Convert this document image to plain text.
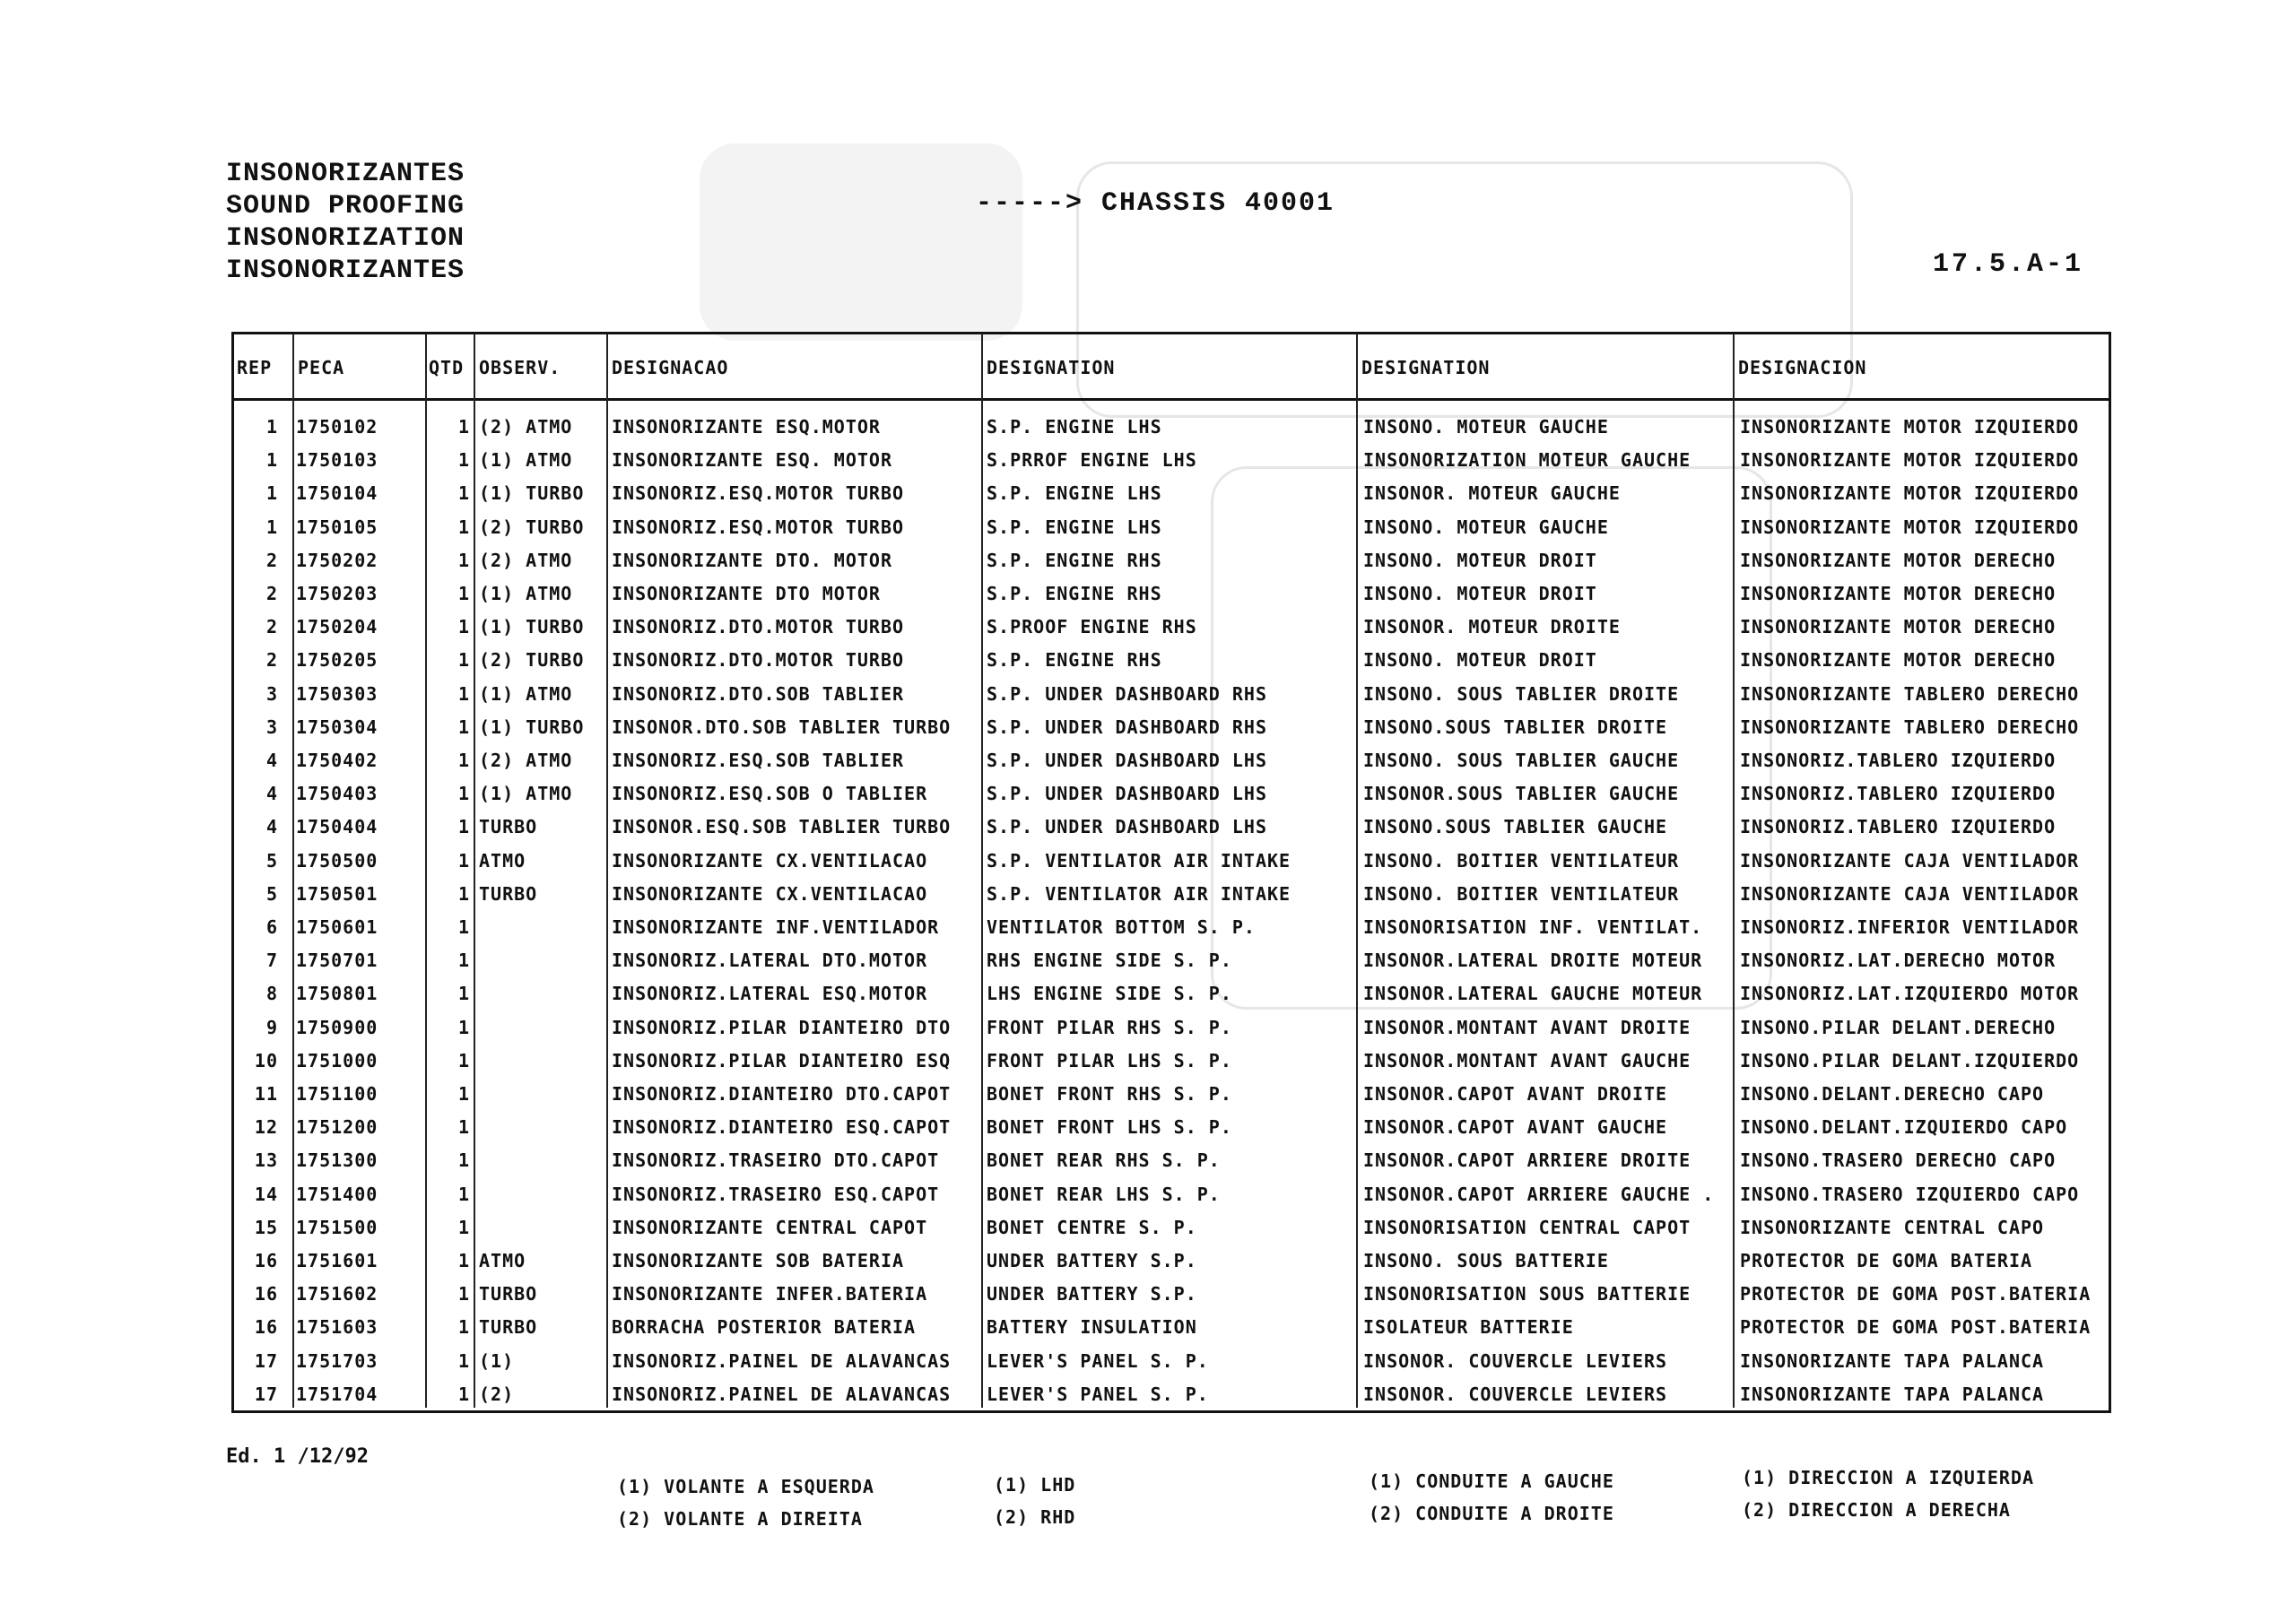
INSONORIZANTES
SOUND PROOFING
INSONORIZATION
INSONORIZANTES
-----> CHASSIS 40001
17.5.A-1
REP PECA	QTD OBSERV.	DESIGNACAO	DESIGNATION	DESIGNATION	DESIGNACION
1 1750102	1 (2) ATMO	INSONORIZANTE ESQ.MOTOR	S.P. ENGINE LHS	INSONO. MOTEUR GAUCHE	INSONORIZANTE MOTOR IZQUIERDO
1 1750103	1 (1) ATMO	INSONORIZANTE ESQ. MOTOR	S.PRROF ENGINE LHS	INSONORIZATION MOTEUR GAUCHE	INSONORIZANTE MOTOR IZQUIERDO
1 1750104	1 (1) TURBO	INSONORIZ.ESQ.MOTOR TURBO	S.P. ENGINE LHS	INSONOR. MOTEUR GAUCHE	INSONORIZANTE MOTOR IZQUIERDO
1 1750105	1 (2) TURBO	INSONORIZ.ESQ.MOTOR TURBO	S.P. ENGINE LHS	INSONO. MOTEUR GAUCHE	INSONORIZANTE MOTOR IZQUIERDO
2 1750202	1 (2) ATMO	INSONORIZANTE DTO. MOTOR	S.P. ENGINE RHS	INSONO. MOTEUR DROIT	INSONORIZANTE MOTOR DERECHO
2 1750203	1 (1) ATMO	INSONORIZANTE DTO MOTOR	S.P. ENGINE RHS	INSONO. MOTEUR DROIT	INSONORIZANTE MOTOR DERECHO
2 1750204	1 (1) TURBO	INSONORIZ.DTO.MOTOR TURBO	S.PROOF ENGINE RHS	INSONOR. MOTEUR DROITE	INSONORIZANTE MOTOR DERECHO
2 1750205	1 (2) TURBO	INSONORIZ.DTO.MOTOR TURBO	S.P. ENGINE RHS	INSONO. MOTEUR DROIT	INSONORIZANTE MOTOR DERECHO
3 1750303	1 (1) ATMO	INSONORIZ.DTO.SOB TABLIER	S.P. UNDER DASHBOARD RHS	INSONO. SOUS TABLIER DROITE	INSONORIZANTE TABLERO DERECHO
3 1750304	1 (1) TURBO	INSONOR.DTO.SOB TABLIER TURBO	S.P. UNDER DASHBOARD RHS	INSONO.SOUS TABLIER DROITE	INSONORIZANTE TABLERO DERECHO
4 1750402	1 (2) ATMO	INSONORIZ.ESQ.SOB TABLIER	S.P. UNDER DASHBOARD LHS	INSONO. SOUS TABLIER GAUCHE	INSONORIZ.TABLERO IZQUIERDO
4 1750403	1 (1) ATMO	INSONORIZ.ESQ.SOB O TABLIER	S.P. UNDER DASHBOARD LHS	INSONOR.SOUS TABLIER GAUCHE	INSONORIZ.TABLERO IZQUIERDO
4 1750404	1 TURBO	INSONOR.ESQ.SOB TABLIER TURBO	S.P. UNDER DASHBOARD LHS	INSONO.SOUS TABLIER GAUCHE	INSONORIZ.TABLERO IZQUIERDO
5 1750500	1 ATMO	INSONORIZANTE CX.VENTILACAO	S.P. VENTILATOR AIR INTAKE	INSONO. BOITIER VENTILATEUR	INSONORIZANTE CAJA VENTILADOR
5 1750501	1 TURBO	INSONORIZANTE CX.VENTILACAO	S.P. VENTILATOR AIR INTAKE	INSONO. BOITIER VENTILATEUR	INSONORIZANTE CAJA VENTILADOR
6 1750601	1	INSONORIZANTE INF.VENTILADOR	VENTILATOR BOTTOM S. P.	INSONORISATION INF. VENTILAT.	INSONORIZ.INFERIOR VENTILADOR
7 1750701	1	INSONORIZ.LATERAL DTO.MOTOR	RHS ENGINE SIDE S. P.	INSONOR.LATERAL DROITE MOTEUR	INSONORIZ.LAT.DERECHO MOTOR
8 1750801	1	INSONORIZ.LATERAL ESQ.MOTOR	LHS ENGINE SIDE S. P.	INSONOR.LATERAL GAUCHE MOTEUR	INSONORIZ.LAT.IZQUIERDO MOTOR
9 1750900	1	INSONORIZ.PILAR DIANTEIRO DTO	FRONT PILAR RHS S. P.	INSONOR.MONTANT AVANT DROITE	INSONO.PILAR DELANT.DERECHO
10 1751000	1	INSONORIZ.PILAR DIANTEIRO ESQ	FRONT PILAR LHS S. P.	INSONOR.MONTANT AVANT GAUCHE	INSONO.PILAR DELANT.IZQUIERDO
11 1751100	1	INSONORIZ.DIANTEIRO DTO.CAPOT	BONET FRONT RHS S. P.	INSONOR.CAPOT AVANT DROITE	INSONO.DELANT.DERECHO CAPO
12 1751200	1	INSONORIZ.DIANTEIRO ESQ.CAPOT	BONET FRONT LHS S. P.	INSONOR.CAPOT AVANT GAUCHE	INSONO.DELANT.IZQUIERDO CAPO
13 1751300	1	INSONORIZ.TRASEIRO DTO.CAPOT	BONET REAR RHS S. P.	INSONOR.CAPOT ARRIERE DROITE	INSONO.TRASERO DERECHO CAPO
14 1751400	1	INSONORIZ.TRASEIRO ESQ.CAPOT	BONET REAR LHS S. P.	INSONOR.CAPOT ARRIERE GAUCHE .	INSONO.TRASERO IZQUIERDO CAPO
15 1751500	1	INSONORIZANTE CENTRAL CAPOT	BONET CENTRE S. P.	INSONORISATION CENTRAL CAPOT	INSONORIZANTE CENTRAL CAPO
16 1751601	1 ATMO	INSONORIZANTE SOB BATERIA	UNDER BATTERY S.P.	INSONO. SOUS BATTERIE	PROTECTOR DE GOMA BATERIA
16 1751602	1 TURBO	INSONORIZANTE INFER.BATERIA	UNDER BATTERY S.P.	INSONORISATION SOUS BATTERIE	PROTECTOR DE GOMA POST.BATERIA
16 1751603	1 TURBO	BORRACHA POSTERIOR BATERIA	BATTERY INSULATION	ISOLATEUR BATTERIE	PROTECTOR DE GOMA POST.BATERIA
17 1751703	1 (1)	INSONORIZ.PAINEL DE ALAVANCAS	LEVER'S PANEL S. P.	INSONOR. COUVERCLE LEVIERS	INSONORIZANTE TAPA PALANCA
17 1751704	1 (2)	INSONORIZ.PAINEL DE ALAVANCAS	LEVER'S PANEL S. P.	INSONOR. COUVERCLE LEVIERS	INSONORIZANTE TAPA PALANCA
Ed. 1 /12/92
(1) VOLANTE A ESQUERDA
(2) VOLANTE A DIREITA
(1) LHD
(2) RHD
(1) CONDUITE A GAUCHE
(2) CONDUITE A DROITE
(1) DIRECCION A IZQUIERDA
(2) DIRECCION A DERECHA
